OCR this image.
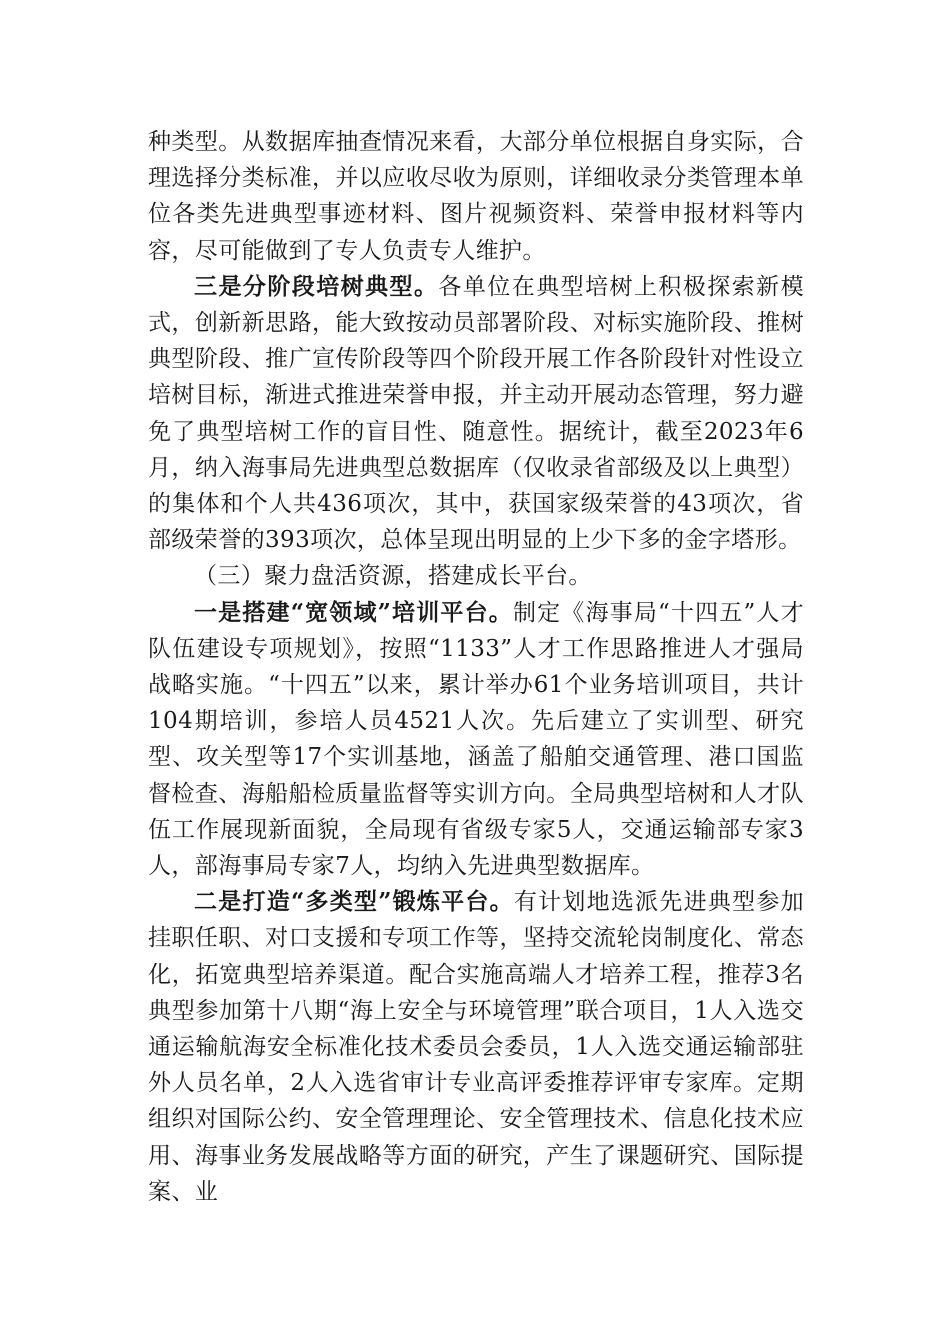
种类型。从数据库抽查情况来看，大部分单位根据自身实际，合理选择分类标准，并以应收尽收为原则，详细收录分类管理本单位各类先进典型事迹材料、图片视频资料、荣誉申报材料等内容，尽可能做到了专人负责专人维护。

三是分阶段培树典型。各单位在典型培树上积极探索新模式，创新新思路，能大致按动员部署阶段、对标实施阶段、推树典型阶段、推广宣传阶段等四个阶段开展工作各阶段针对性设立培树目标，渐进式推进荣誉申报，并主动开展动态管理，努力避免了典型培树工作的盲目性、随意性。据统计，截至2023年6月，纳入海事局先进典型总数据库（仅收录省部级及以上典型）的集体和个人共436项次，其中，获国家级荣誉的43项次，省部级荣誉的393项次，总体呈现出明显的上少下多的金字塔形。

（三）聚力盘活资源，搭建成长平台。

一是搭建“宽领域”培训平台。制定《海事局“十四五”人才队伍建设专项规划》，按照“1133”人才工作思路推进人才强局战略实施。“十四五”以来，累计举办61个业务培训项目，共计104期培训，参培人员4521人次。先后建立了实训型、研究型、攻关型等17个实训基地，涵盖了船舶交通管理、港口国监督检查、海船船检质量监督等实训方向。全局典型培树和人才队伍工作展现新面貌，全局现有省级专家5人，交通运输部专家3人，部海事局专家7人，均纳入先进典型数据库。

二是打造“多类型”锻炼平台。有计划地选派先进典型参加挂职任职、对口支援和专项工作等，坚持交流轮岗制度化、常态化，拓宽典型培养渠道。配合实施高端人才培养工程，推荐3名典型参加第十八期“海上安全与环境管理”联合项目，1人入选交通运输航海安全标准化技术委员会委员，1人入选交通运输部驻外人员名单，2人入选省审计专业高评委推荐评审专家库。定期组织对国际公约、安全管理理论、安全管理技术、信息化技术应用、海事业务发展战略等方面的研究，产生了课题研究、国际提案、业
